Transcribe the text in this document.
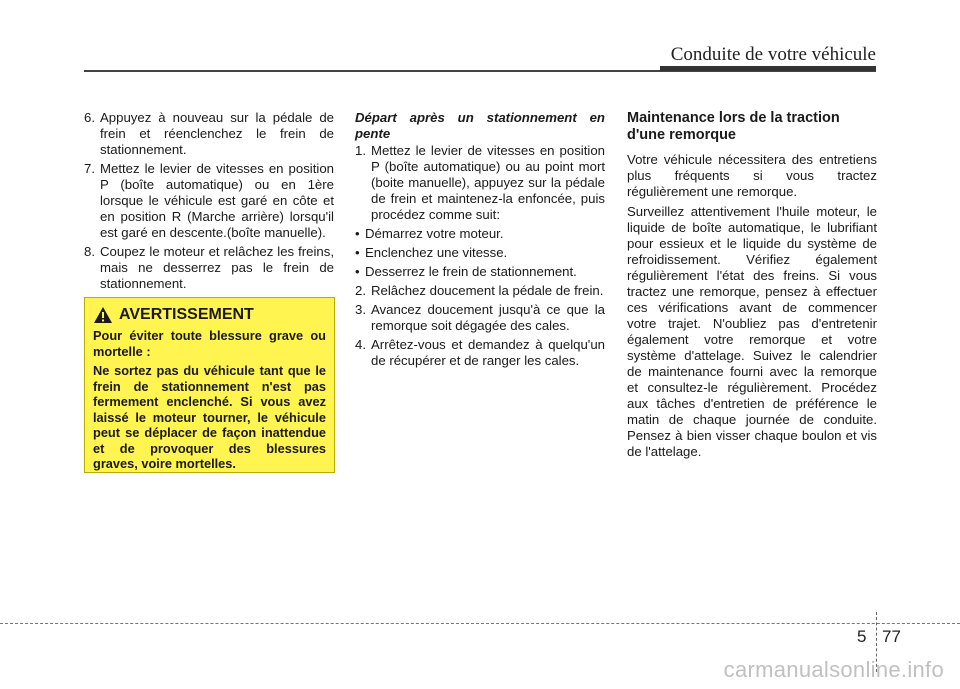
Conduite de votre véhicule
6. Appuyez à nouveau sur la pédale de frein et réenclenchez le frein de stationnement.
7. Mettez le levier de vitesses en position P (boîte automatique) ou en 1ère lorsque le véhicule est garé en côte et en position R (Marche arrière) lorsqu'il est garé en descente.(boîte manuelle).
8. Coupez le moteur et relâchez les freins, mais ne desserrez pas le frein de stationnement.
AVERTISSEMENT

Pour éviter toute blessure grave ou mortelle :

Ne sortez pas du véhicule tant que le frein de stationnement n'est pas fermement enclenché. Si vous avez laissé le moteur tourner, le véhicule peut se déplacer de façon inattendue et de provoquer des blessures graves, voire mortelles.

Départ après un stationnement en pente
1. Mettez le levier de vitesses en position P (boîte automatique) ou au point mort (boite manuelle), appuyez sur la pédale de frein et maintenez-la enfoncée, puis procédez comme suit:
• Démarrez votre moteur.
• Enclenchez une vitesse.
• Desserrez le frein de stationnement.
2. Relâchez doucement la pédale de frein.
3. Avancez doucement jusqu'à ce que la remorque soit dégagée des cales.
4. Arrêtez-vous et demandez à quelqu'un de récupérer et de ranger les cales.
Maintenance lors de la traction d'une remorque
Votre véhicule nécessitera des entretiens plus fréquents si vous tractez régulièrement une remorque.
Surveillez attentivement l'huile moteur, le liquide de boîte automatique, le lubrifiant pour essieux et le liquide du système de refroidissement. Vérifiez également régulièrement l'état des freins. Si vous tractez une remorque, pensez à effectuer ces vérifications avant de commencer votre trajet. N'oubliez pas d'entretenir également votre remorque et votre système d'attelage. Suivez le calendrier de maintenance fourni avec la remorque et consultez-le régulièrement. Procédez aux tâches d'entretien de préférence le matin de chaque journée de conduite. Pensez à bien visser chaque boulon et vis de l'attelage.
5 77
carmanualsonline.info
